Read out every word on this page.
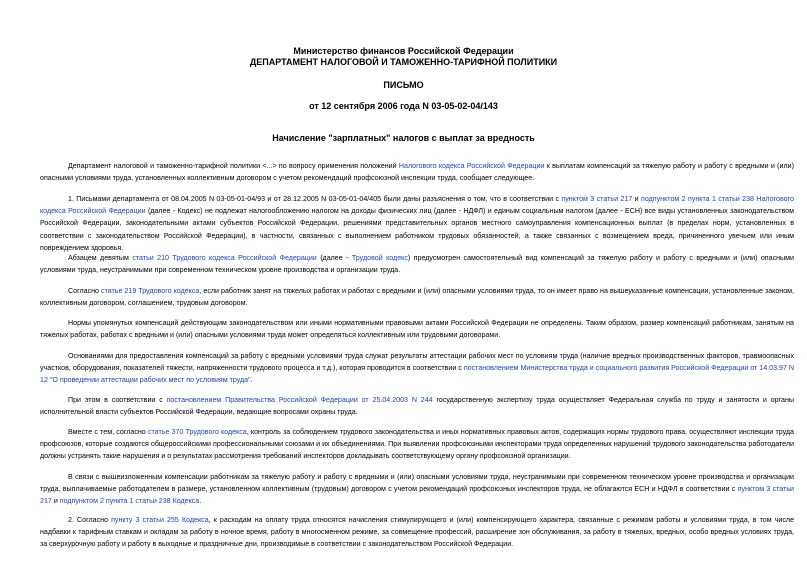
Министерство финансов Российской Федерации
ДЕПАРТАМЕНТ НАЛОГОВОЙ И ТАМОЖЕННО-ТАРИФНОЙ ПОЛИТИКИ
ПИСЬМО
от 12 сентября 2006 года N 03-05-02-04/143
Начисление "зарплатных" налогов с выплат за вредность
Департамент налоговой и таможенно-тарифной политики <...> по вопросу применения положений Налогового кодекса Российской Федерации к выплатам компенсаций за тяжелую работу и работу с вредными и (или) опасными условиями труда, установленных коллективным договором с учетом рекомендаций профсоюзной инспекции труда, сообщает следующее.
1. Письмами департамента от 08.04.2005 N 03-05-01-04/93 и от 28.12.2005 N 03-05-01-04/405 были даны разъяснения о том, что в соответствии с пунктом 3 статьи 217 и подпунктом 2 пункта 1 статьи 238 Налогового кодекса Российской Федерации (далее - Кодекс) не подлежат налогообложению налогом на доходы физических лиц (далее - НДФЛ) и единым социальным налогом (далее - ЕСН) все виды установленных законодательством Российской Федерации, законодательными актами субъектов Российской Федерации, решениями представительных органов местного самоуправления компенсационных выплат (в пределах норм, установленных в соответствии с законодательством Российской Федерации), в частности, связанных с выполнением работником трудовых обязанностей, а также связанных с возмещением вреда, причиненного увечьем или иным повреждением здоровья.
Абзацем девятым статьи 210 Трудового кодекса Российской Федерации (далее - Трудовой кодекс) предусмотрен самостоятельный вид компенсаций за тяжелую работу и работу с вредными и (или) опасными условиями труда, неустранимыми при современном техническом уровне производства и организации труда.
Согласно статье 219 Трудового кодекса, если работник занят на тяжелых работах и работах с вредными и (или) опасными условиями труда, то он имеет право на вышеуказанные компенсации, установленные законом, коллективным договором, соглашением, трудовым договором.
Нормы упомянутых компенсаций действующим законодательством или иными нормативными правовыми актами Российской Федерации не определены. Таким образом, размер компенсаций работникам, занятым на тяжелых работах, работах с вредными и (или) опасными условиями труда может определяться коллективным или трудовыми договорами.
Основаниями для предоставления компенсаций за работу с вредными условиями труда служат результаты аттестации рабочих мест по условиям труда (наличие вредных производственных факторов, травмоопасных участков, оборудования, показателей тяжести, напряженности трудового процесса и т.д.), которая проводится в соответствии с постановлением Министерства труда и социального развития Российской Федерации от 14.03.97 N 12 "О проведении аттестации рабочих мест по условиям труда".
При этом в соответствии с постановлением Правительства Российской Федерации от 25.04.2003 N 244 государственную экспертизу труда осуществляет Федеральная служба по труду и занятости и органы исполнительной власти субъектов Российской Федерации, ведающие вопросами охраны труда.
Вместе с тем, согласно статье 370 Трудового кодекса, контроль за соблюдением трудового законодательства и иных нормативных правовых актов, содержащих нормы трудового права, осуществляют инспекции труда профсоюзов, которые создаются общероссийскими профессиональными союзами и их объединениями. При выявлении профсоюзными инспекторами труда определенных нарушений трудового законодательства работодатели должны устранять такие нарушения и о результатах рассмотрения требований инспекторов докладывать соответствующему органу профсоюзной организации.
В связи с вышеизложенным компенсации работникам за тяжелую работу и работу с вредными и (или) опасными условиями труда, неустранимыми при современном техническом уровне производства и организации труда, выплачиваемые работодателем в размере, установленном коллективным (трудовым) договором с учетом рекомендаций профсоюзных инспекторов труда, не облагаются ЕСН и НДФЛ в соответствии с пунктом 3 статьи 217 и подпунктом 2 пункта 1 статьи 238 Кодекса.
2. Согласно пункту 3 статьи 255 Кодекса, к расходам на оплату труда относятся начисления стимулирующего и (или) компенсирующего характера, связанные с режимом работы и условиями труда, в том числе надбавки к тарифным ставкам и окладам за работу в ночное время, работу в многосменном режиме, за совмещение профессий, расширение зон обслуживания, за работу в тяжелых, вредных, особо вредных условиях труда, за сверхурочную работу и работу в выходные и праздничные дни, производимые в соответствии с законодательством Российской Федерации.
